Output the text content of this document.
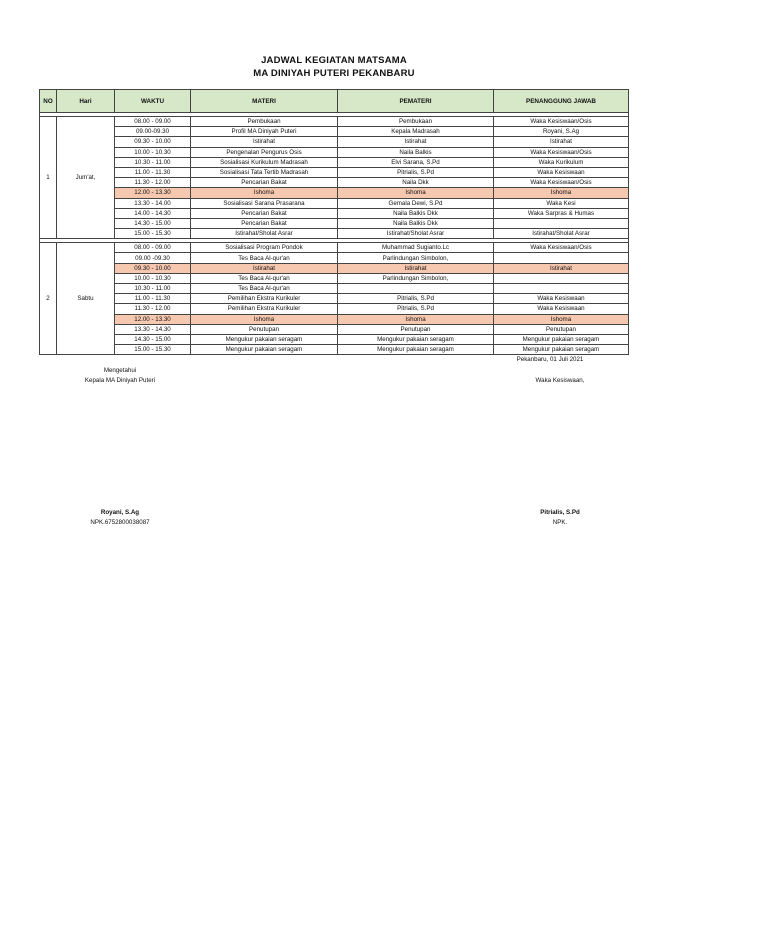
JADWAL KEGIATAN MATSAMA
MA DINIYAH PUTERI PEKANBARU
NO	Hari	WAKTU	MATERI	PEMATERI	PENANGGUNG JAWAB

1	Jum'at,	08.00 - 09.00	Pembukaan	Pembukaan	Waka Kesiswaan/Osis
		09.00-09.30	Profil MA Diniyah Puteri	Kepala Madrasah	Royani, S.Ag
		09.30 - 10.00	Istirahat	Istirahat	Istirahat
		10.00 - 10.30	Pengenalan Pengurus Osis	Naila Balkis	Waka Kesiswaan/Osis
		10.30 - 11.00	Sosialisasi Kurikulum Madrasah	Elvi Sarana, S.Pd	Waka Kurikulum
		11.00 - 11.30	Sosialisasi Tata Tertib Madrasah	Pitrialis, S.Pd	Waka Kesiswaan
		11.30 - 12.00	Pencarian Bakat	Naila Dkk	Waka Kesiswaan/Osis
		12.00 - 13.30	Ishoma	Ishoma	Ishoma
		13.30 - 14.00	Sosialisasi Sarana Prasarana	Gemala Dewi, S.Pd	Waka Kesi
		14.00 - 14.30	Pencarian Bakat	Naila Balkis Dkk	Waka Sarpras & Humas
		14.30 - 15.00	Pencarian Bakat	Naila Balkis Dkk	
		15.00 - 15.30	Istirahat/Sholat Asrar	Istirahat/Sholat Asrar	Istirahat/Sholat Asrar

2	Sabtu	08.00 - 09.00	Sosialisasi Program Pondok	Muhammad Sugianto.Lc	Waka Kesiswaan/Osis
		09.00 -09.30	Tes Baca Al-qur'an	Parlindungan Simbolon,	
		09.30 - 10.00	Istirahat	Istirahat	Istirahat
		10.00 - 10.30	Tes Baca Al-qur'an	Parlindungan Simbolon,	
		10.30 - 11.00	Tes Baca Al-qur'an		
		11.00 - 11.30	Pemilihan Ekstra Kurikuler	Pitrialis, S.Pd	Waka Kesiswaan
		11.30 - 12.00	Pemilihan Ekstra Kurikuler	Pitrialis, S.Pd	Waka Kesiswaan
		12.00 - 13.30	Ishoma	Ishoma	Ishoma
		13.30 - 14.30	Penutupan	Penutupan	Penutupan
		14.30 - 15.00	Mengukur pakaian seragam	Mengukur pakaian seragam	Mengukur pakaian seragam
		15.00 - 15.30	Mengukur pakaian seragam	Mengukur pakaian seragam	Mengukur pakaian seragam
Pekanbaru, 01 Juli 2021
Mengetahui
Kepala MA Diniyah Puteri	Waka Kesiswaan,
Royani, S.Ag
NPK.6752800038087
Pitrialis, S.Pd
NPK.
